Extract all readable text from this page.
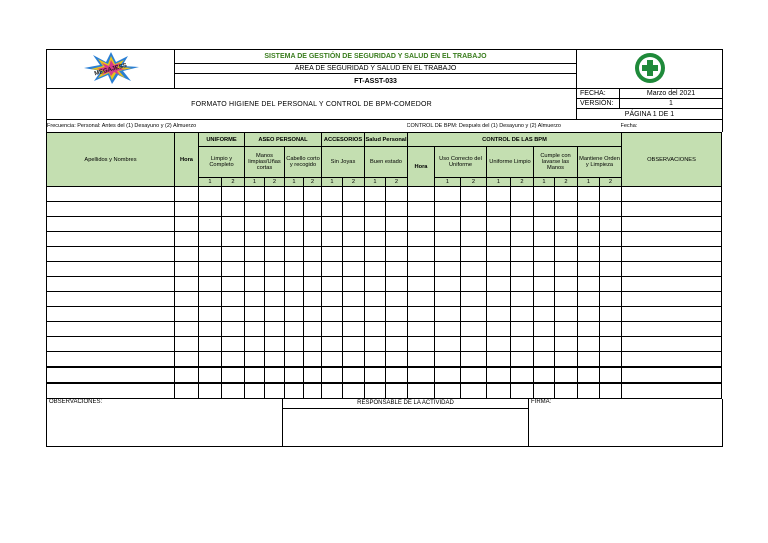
MEGAJESS	SISTEMA DE GESTIÓN DE SEGURIDAD Y SALUD EN EL TRABAJO	
	ÁREA DE SEGURIDAD Y SALUD EN EL TRABAJO		
	FT-ASST-033		
FORMATO HIGIENE DEL PERSONAL Y CONTROL DE BPM-COMEDOR		FECHA:	Marzo del 2021
		VERSIÓN:	1
		PÁGINA 1 DE 1	
Frecuencia: Personal: Antes del (1) Desayuno y (2) Almuerzo	CONTROL DE BPM: Después del (1) Desayuno y (2) Almuerzo	Fecha:
Apellidos y Nombres	Hora	UNIFORME		ASEO PERSONAL				ACCESORIOS		Salud Personal		CONTROL DE LAS BPM									OBSERVACIONES
		Limpio y Completo		Manos limpias/Uñas cortas		Cabello corto y recogido		Sin Joyas		Buen estado		Hora	Uso Correcto del Uniforme		Uniforme Limpio		Cumple con lavarse las Manos		Mantiene Orden y Limpieza		
		1	2	1	2	1	2	1	2	1	2		1	2	1	2	1	2	1	2	

OBSERVACIONES:	RESPONSABLE DE LA ACTIVIDAD	FIRMA:
